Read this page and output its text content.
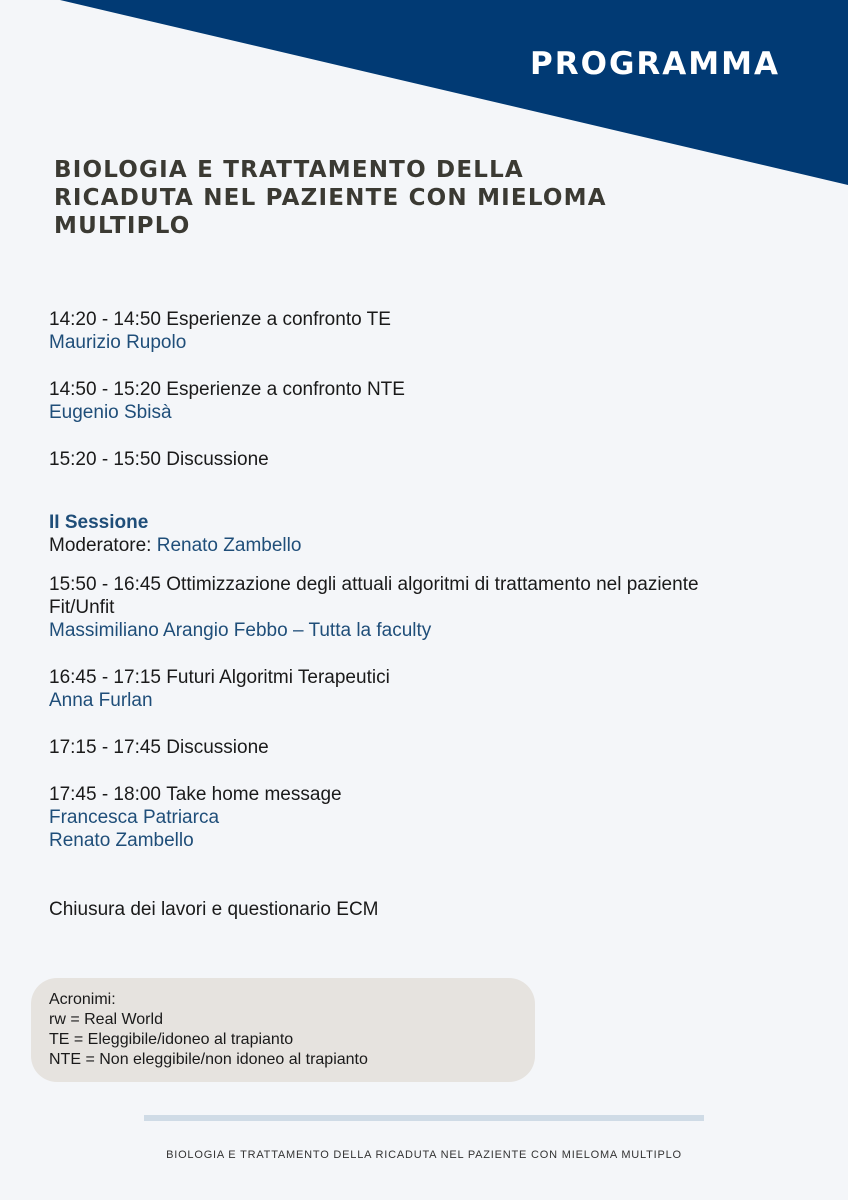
PROGRAMMA
BIOLOGIA E TRATTAMENTO DELLA RICADUTA NEL PAZIENTE CON MIELOMA MULTIPLO
14:20 - 14:50 Esperienze a confronto TE
Maurizio Rupolo
14:50 - 15:20 Esperienze a confronto NTE
Eugenio Sbisà
15:20 - 15:50 Discussione
II Sessione
Moderatore: Renato Zambello
15:50 - 16:45 Ottimizzazione degli attuali algoritmi di trattamento nel paziente Fit/Unfit
Massimiliano Arangio Febbo – Tutta la faculty
16:45 - 17:15 Futuri Algoritmi Terapeutici
Anna Furlan
17:15 - 17:45 Discussione
17:45 - 18:00 Take home message
Francesca Patriarca
Renato Zambello
Chiusura dei lavori e questionario ECM
Acronimi:
rw = Real World
TE = Eleggibile/idoneo al trapianto
NTE = Non eleggibile/non idoneo al trapianto
BIOLOGIA E TRATTAMENTO DELLA RICADUTA NEL PAZIENTE CON MIELOMA MULTIPLO
